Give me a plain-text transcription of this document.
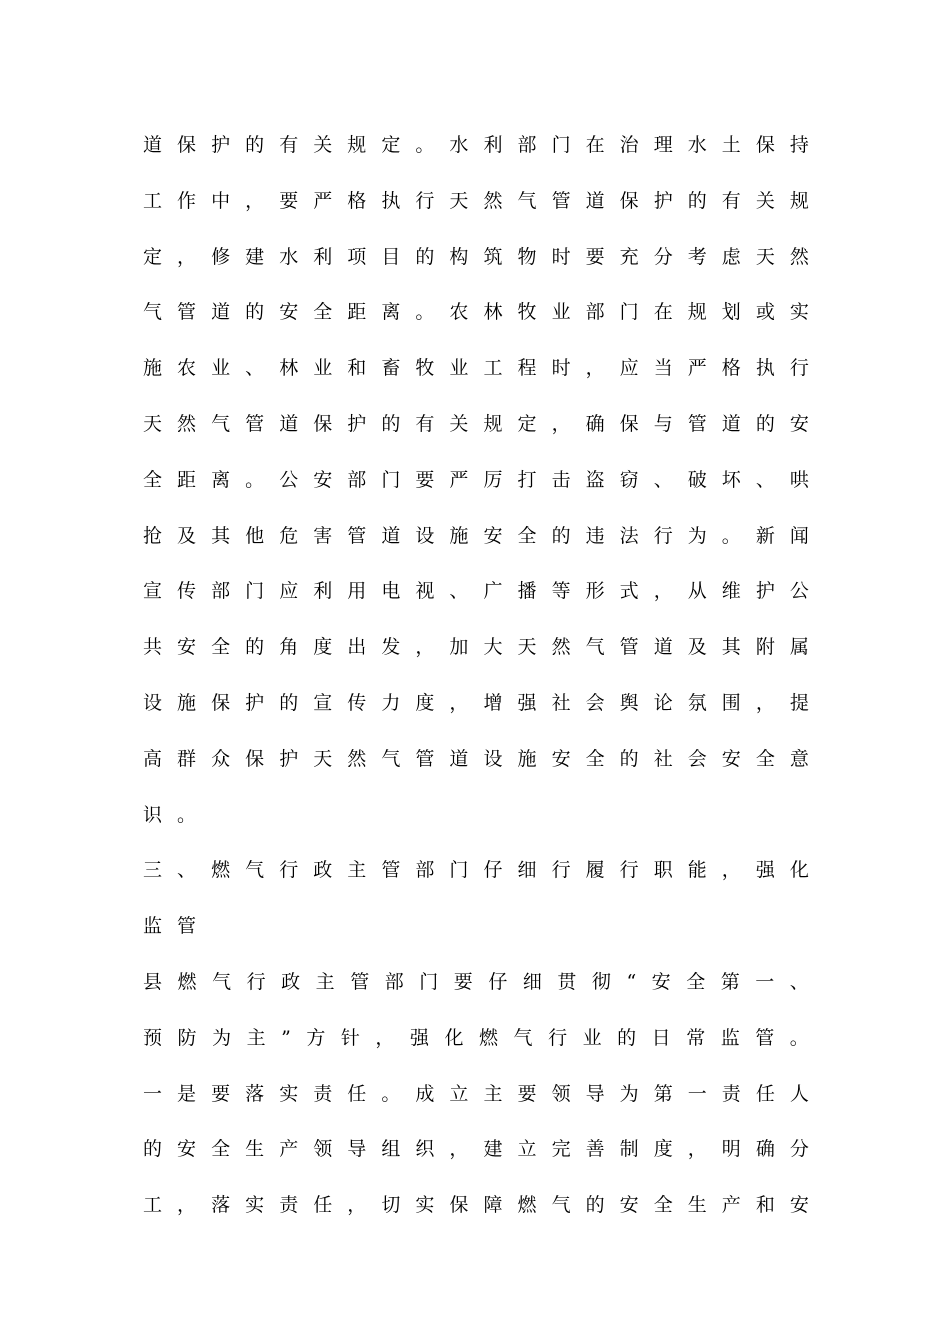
道 保 护 的 有 关 规 定 。 水 利 部 门 在 治 理 水 土 保 持
工 作 中 ， 要 严 格 执 行 天 然 气 管 道 保 护 的 有 关 规
定 ， 修 建 水 利 项 目 的 构 筑 物 时 要 充 分 考 虑 天 然
气 管 道 的 安 全 距 离 。 农 林 牧 业 部 门 在 规 划 或 实
施 农 业 、 林 业 和 畜 牧 业 工 程 时 ， 应 当 严 格 执 行
天 然 气 管 道 保 护 的 有 关 规 定 ， 确 保 与 管 道 的 安
全 距 离 。 公 安 部 门 要 严 厉 打 击 盗 窃 、 破 坏 、 哄
抢 及 其 他 危 害 管 道 设 施 安 全 的 违 法 行 为 。 新 闻
宣 传 部 门 应 利 用 电 视 、 广 播 等 形 式 ， 从 维 护 公
共 安 全 的 角 度 出 发 ， 加 大 天 然 气 管 道 及 其 附 属
设 施 保 护 的 宣 传 力 度 ， 增 强 社 会 舆 论 氛 围 ， 提
高 群 众 保 护 天 然 气 管 道 设 施 安 全 的 社 会 安 全 意
识。
三 、 燃 气 行 政 主 管 部 门 仔 细 行 履 行 职 能 ， 强 化
监管
县 燃 气 行 政 主 管 部 门 要 仔 细 贯 彻 “ 安 全 第 一 、
预 防 为 主 ” 方 针 ， 强 化 燃 气 行 业 的 日 常 监 管 。
一 是 要 落 实 责 任 。 成 立 主 要 领 导 为 第 一 责 任 人
的 安 全 生 产 领 导 组 织 ， 建 立 完 善 制 度 ， 明 确 分
工 ， 落 实 责 任 ， 切 实 保 障 燃 气 的 安 全 生 产 和 安
